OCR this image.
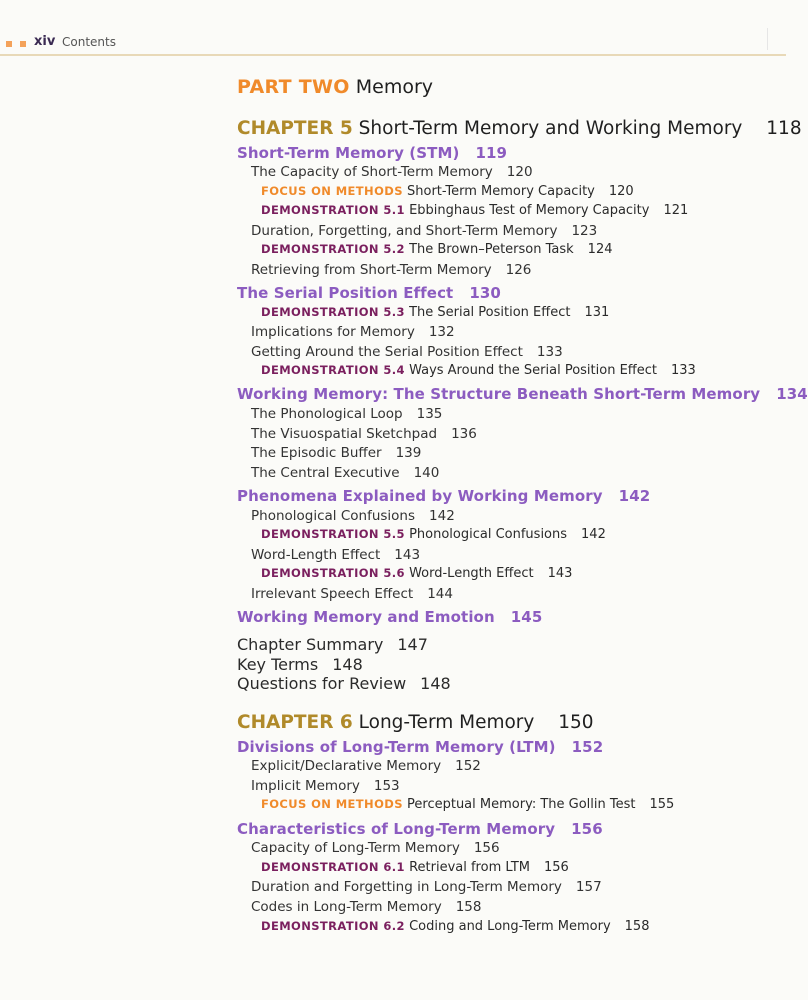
xiv Contents
PART TWO Memory
CHAPTER 5 Short-Term Memory and Working Memory 118
CHAPTER 6 Long-Term Memory 150
Short-Term Memory (STM) 119
The Capacity of Short-Term Memory 120
FOCUS ON METHODS Short-Term Memory Capacity 120
DEMONSTRATION 5.1 Ebbinghaus Test of Memory Capacity 121
Duration, Forgetting, and Short-Term Memory 123
DEMONSTRATION 5.2 The Brown–Peterson Task 124
Retrieving from Short-Term Memory 126
The Serial Position Effect 130
DEMONSTRATION 5.3 The Serial Position Effect 131
Implications for Memory 132
Getting Around the Serial Position Effect 133
DEMONSTRATION 5.4 Ways Around the Serial Position Effect 133
Working Memory: The Structure Beneath Short-Term Memory 134
The Phonological Loop 135
The Visuospatial Sketchpad 136
The Episodic Buffer 139
The Central Executive 140
Phenomena Explained by Working Memory 142
Phonological Confusions 142
DEMONSTRATION 5.5 Phonological Confusions 142
Word-Length Effect 143
DEMONSTRATION 5.6 Word-Length Effect 143
Irrelevant Speech Effect 144
Working Memory and Emotion 145
Chapter Summary 147
Key Terms 148
Questions for Review 148
Divisions of Long-Term Memory (LTM) 152
Explicit/Declarative Memory 152
Implicit Memory 153
FOCUS ON METHODS Perceptual Memory: The Gollin Test 155
Characteristics of Long-Term Memory 156
Capacity of Long-Term Memory 156
DEMONSTRATION 6.1 Retrieval from LTM 156
Duration and Forgetting in Long-Term Memory 157
Codes in Long-Term Memory 158
DEMONSTRATION 6.2 Coding and Long-Term Memory 158
